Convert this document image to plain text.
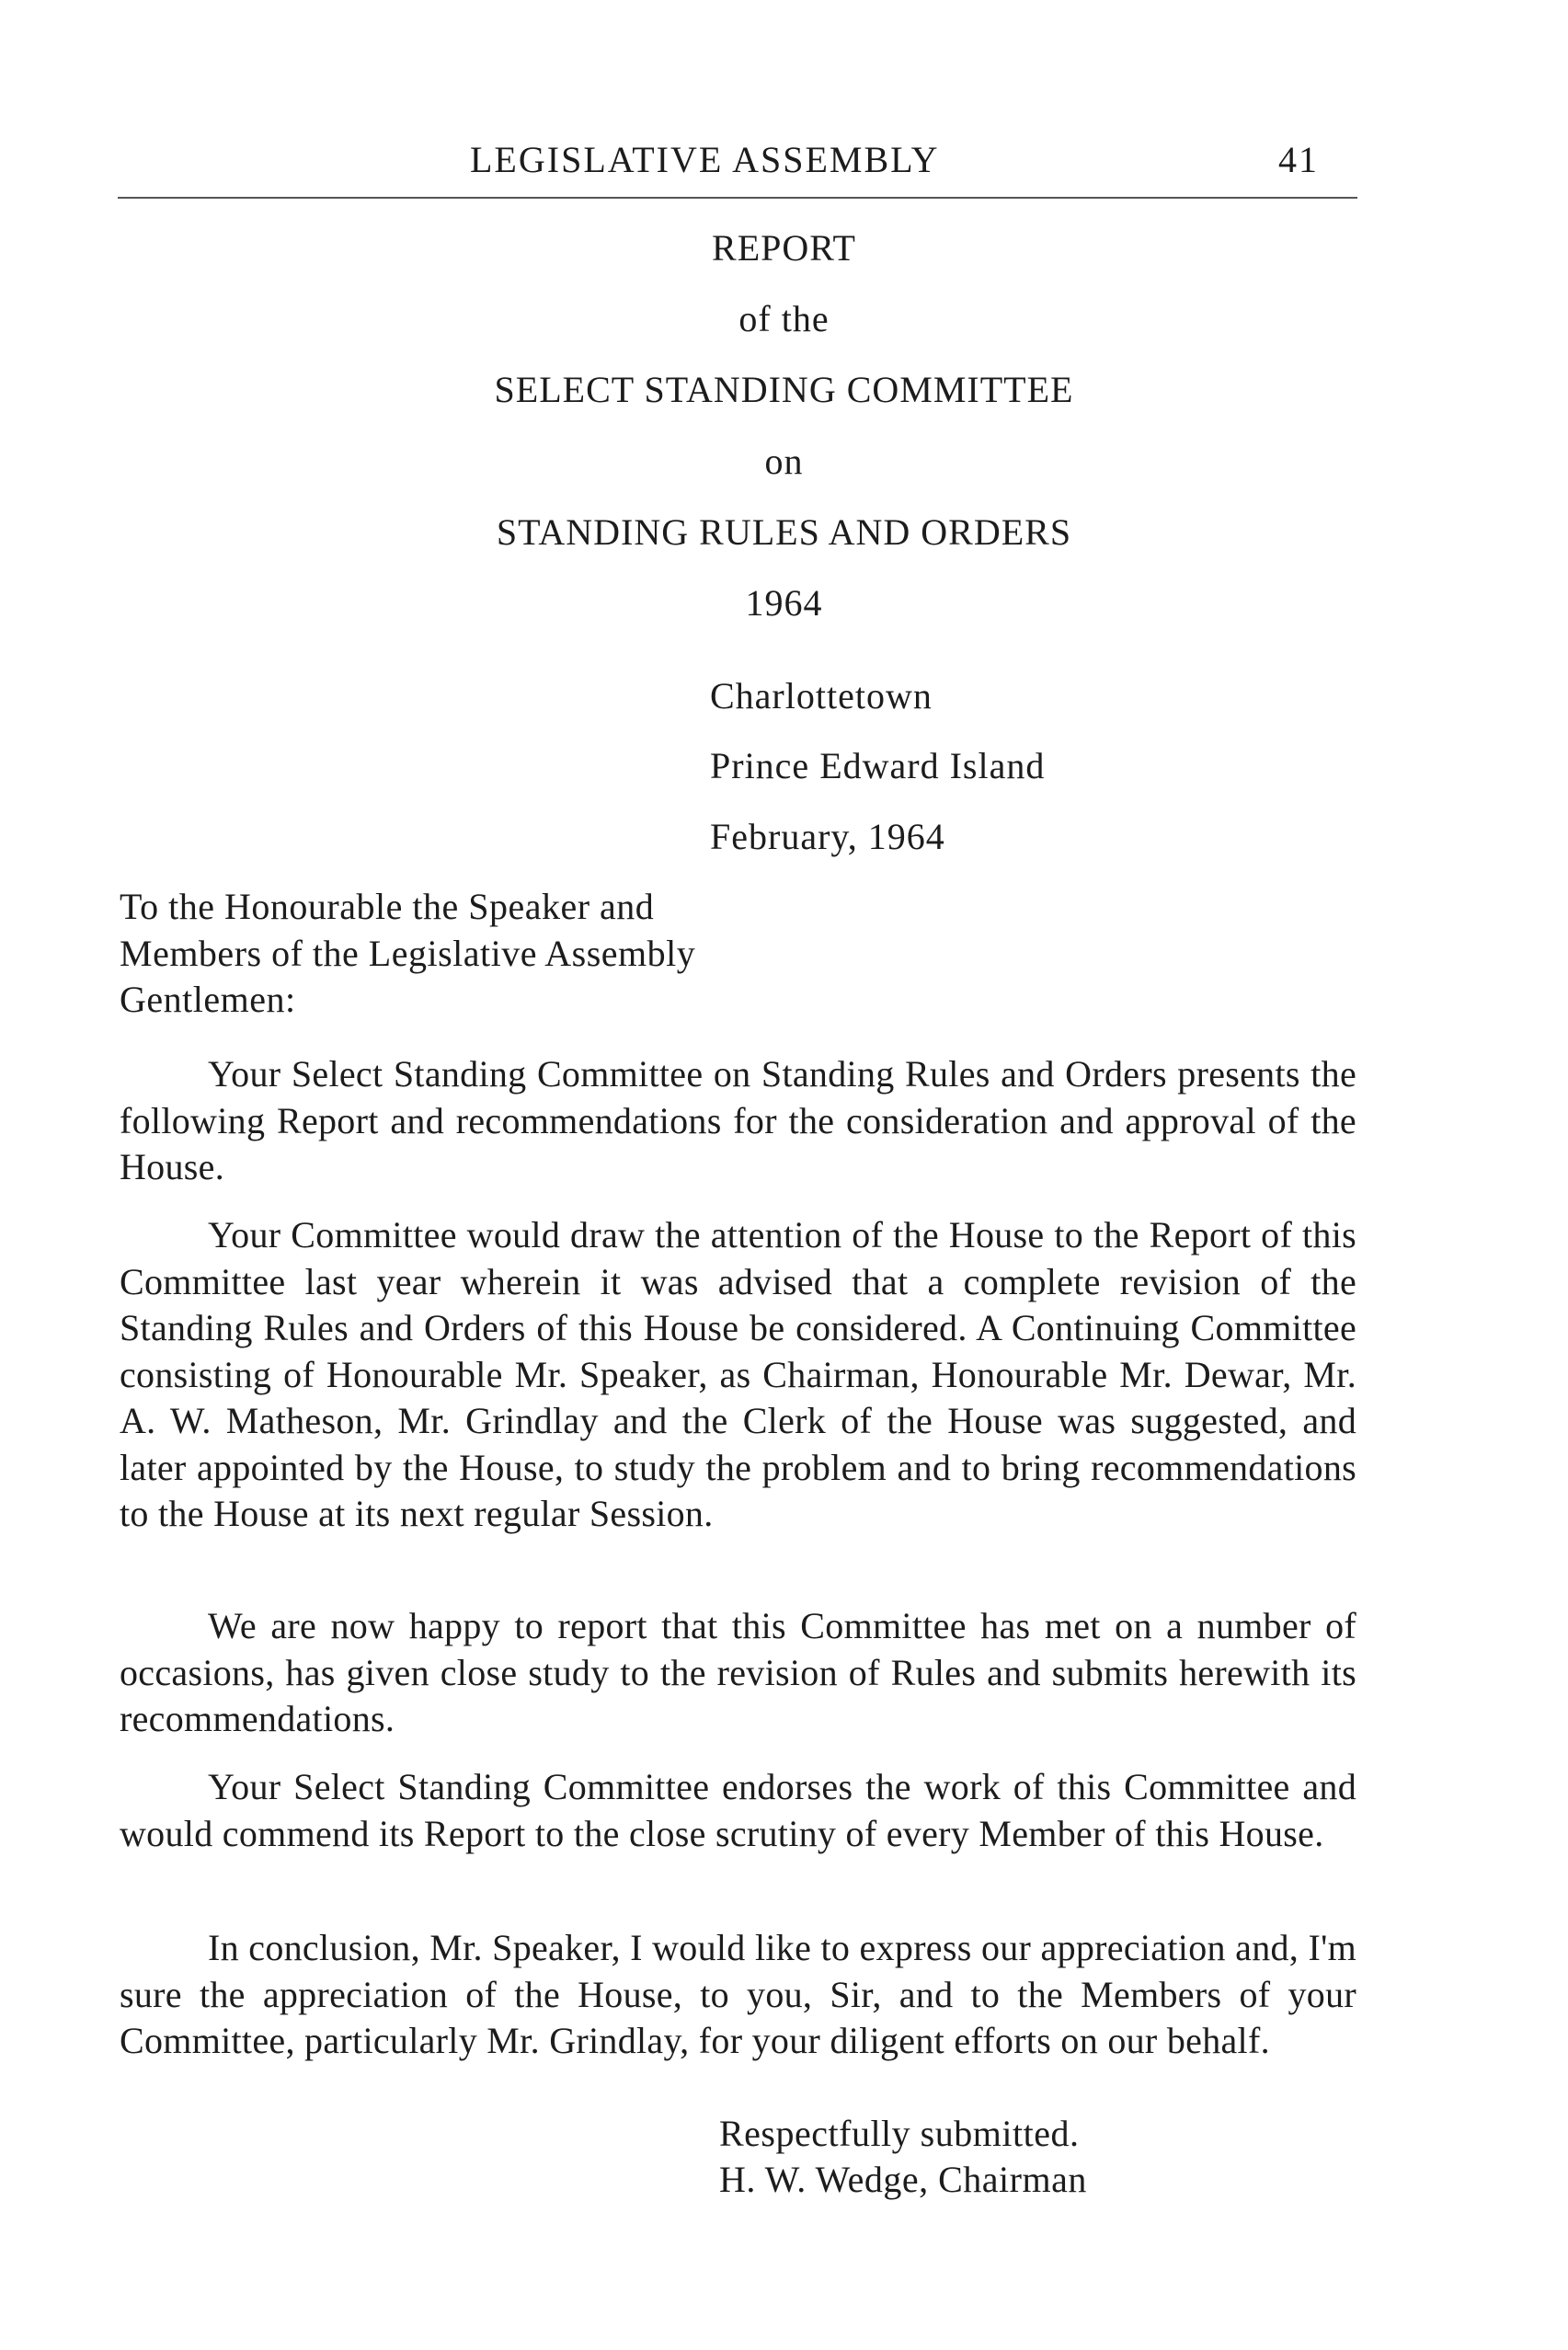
LEGISLATIVE ASSEMBLY	41
REPORT
of the
SELECT STANDING COMMITTEE
on
STANDING RULES AND ORDERS
1964
Charlottetown
Prince Edward Island
February, 1964
To the Honourable the Speaker and
Members of the Legislative Assembly
Gentlemen:

Your Select Standing Committee on Standing Rules and Orders presents the following Report and recommendations for the consideration and approval of the House.

Your Committee would draw the attention of the House to the Report of this Committee last year wherein it was advised that a complete revision of the Standing Rules and Orders of this House be considered. A Continuing Committee consisting of Honourable Mr. Speaker, as Chairman, Honourable Mr. Dewar, Mr. A. W. Matheson, Mr. Grindlay and the Clerk of the House was suggested, and later appointed by the House, to study the problem and to bring recommendations to the House at its next regular Session.

We are now happy to report that this Committee has met on a number of occasions, has given close study to the revision of Rules and submits herewith its recommendations.

Your Select Standing Committee endorses the work of this Committee and would commend its Report to the close scrutiny of every Member of this House.

In conclusion, Mr. Speaker, I would like to express our appreciation and, I'm sure the appreciation of the House, to you, Sir, and to the Members of your Committee, particularly Mr. Grindlay, for your diligent efforts on our behalf.

Respectfully submitted.
H. W. Wedge, Chairman
